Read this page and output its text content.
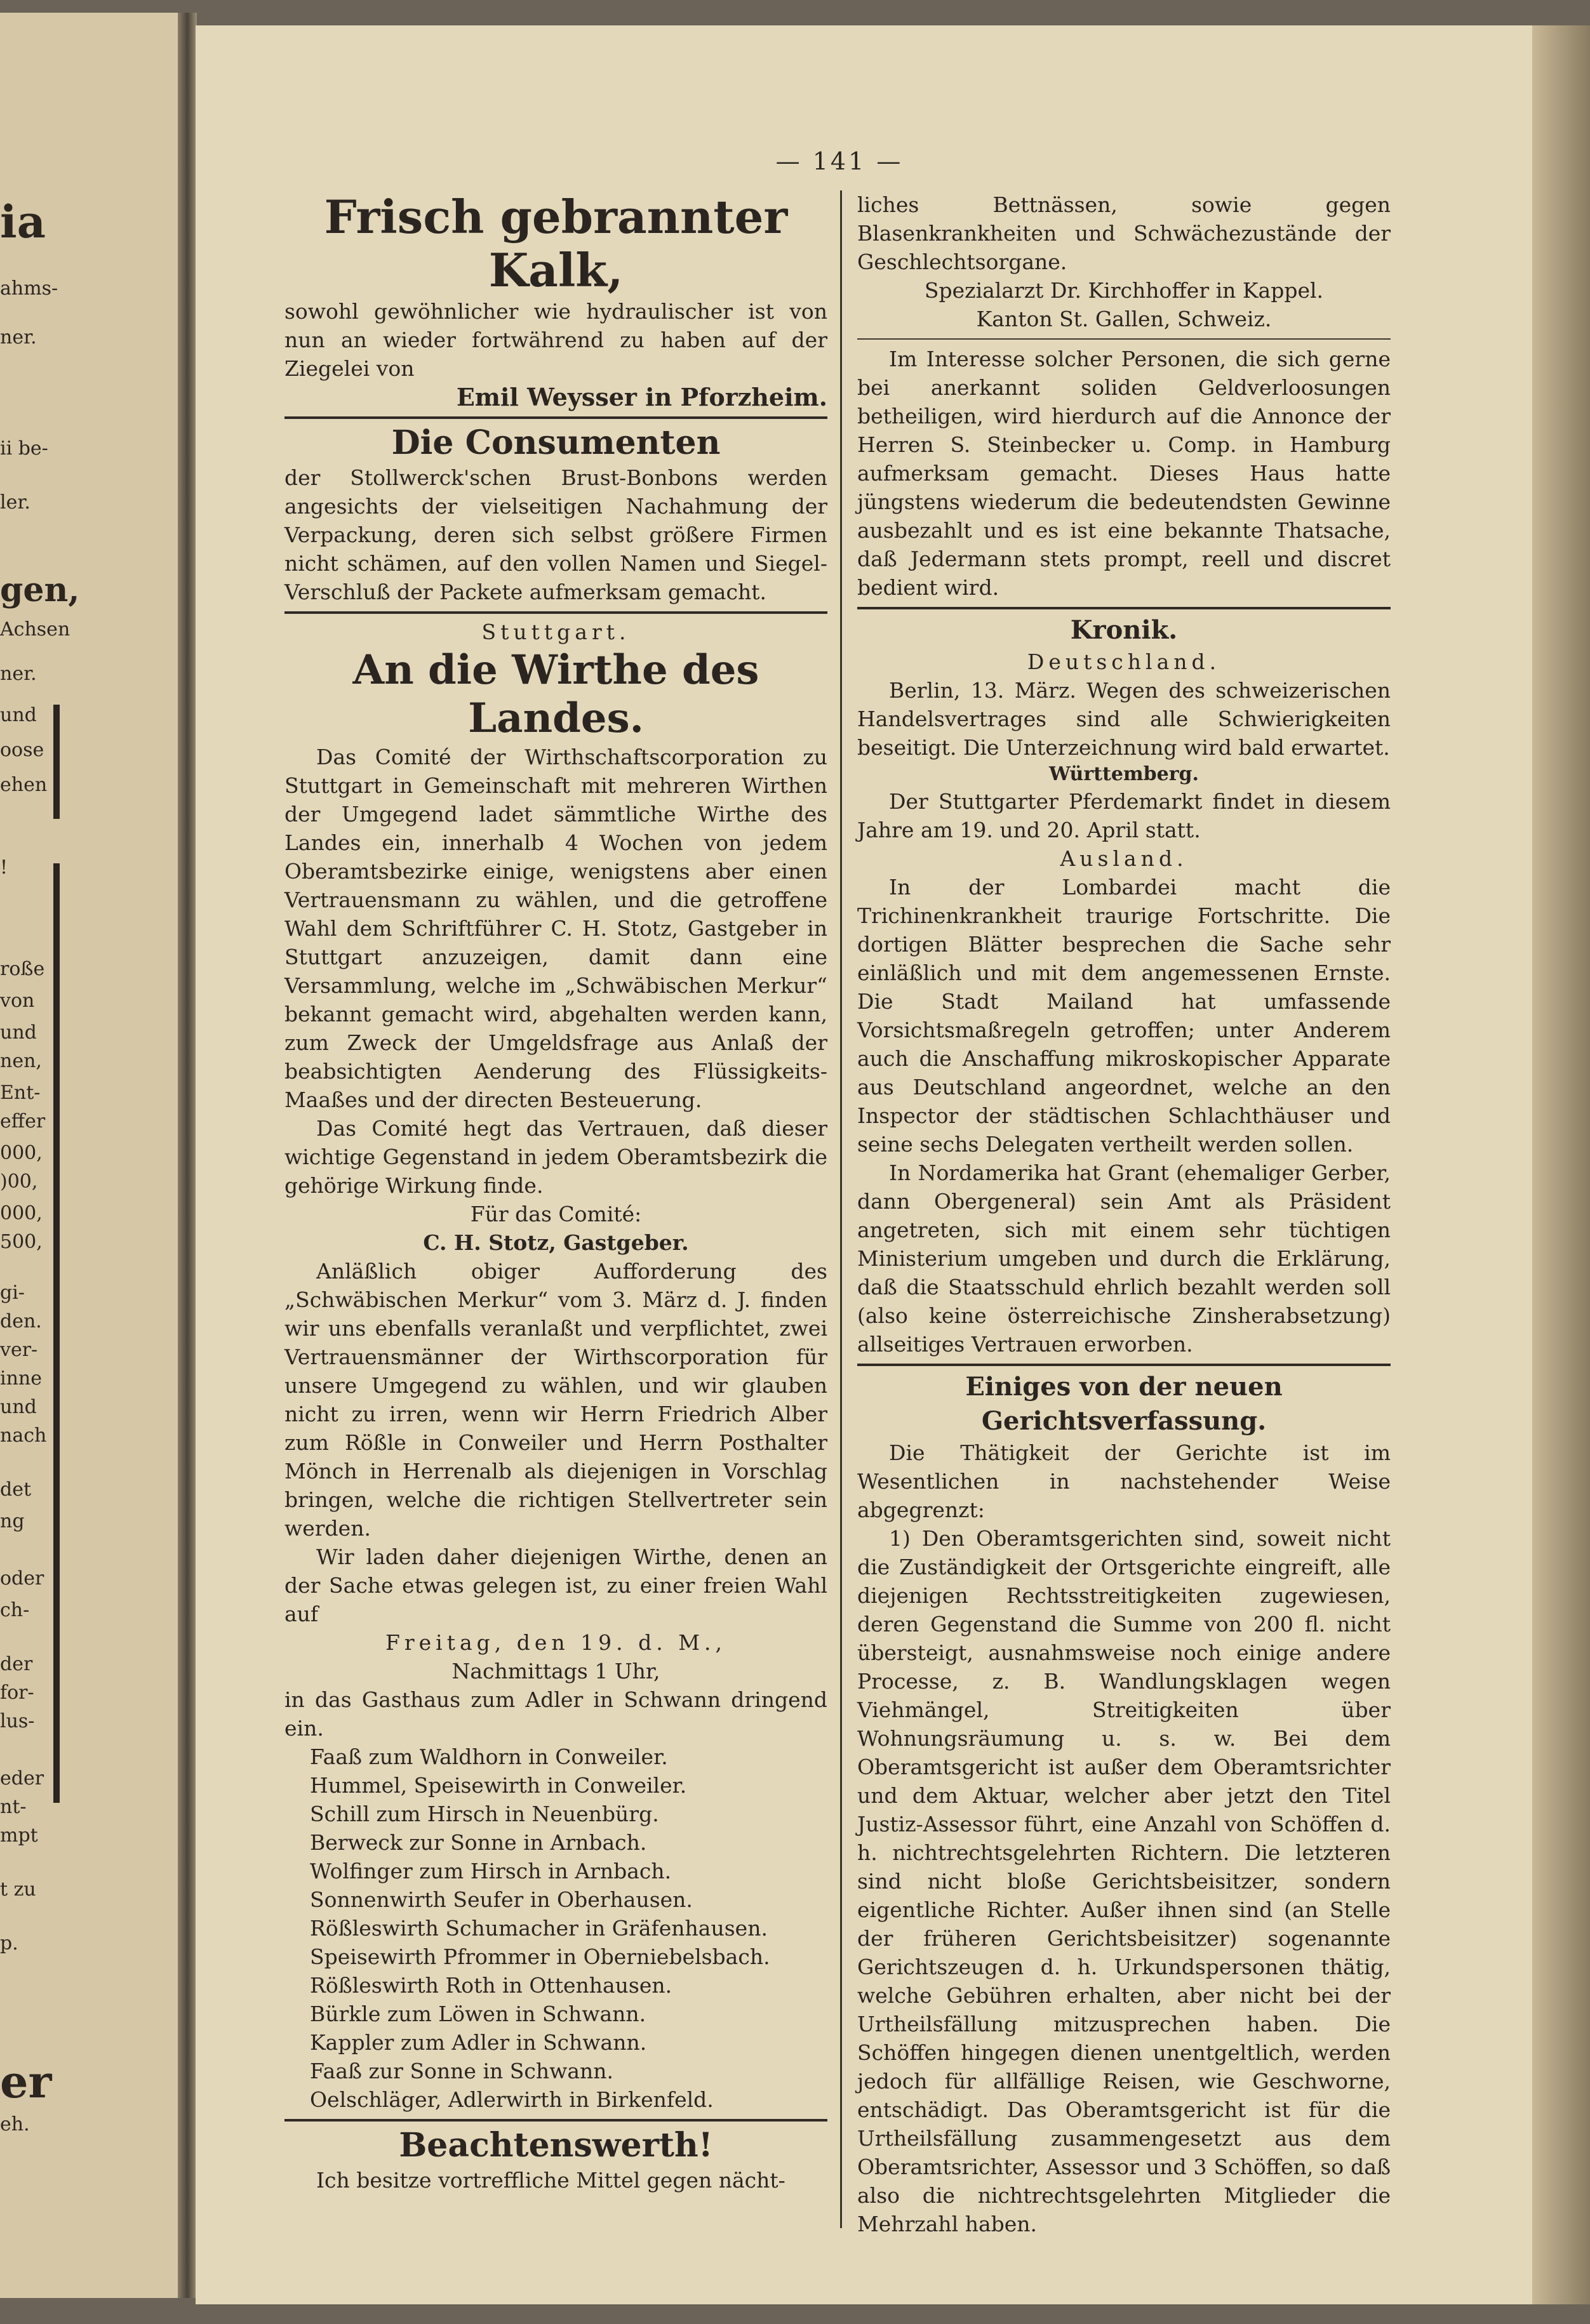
ia
ahms-
ner.
ii be-
ler.
gen,
Achsen
ner.
und
oose
ehen
!
roße
von
und
nen,
Ent-
effer
000,
)00,
000,
500,
gi-
den.
ver-
inne
und
nach
det
ng
oder
ch-
der
for-
lus-
eder
nt-
mpt
t zu
p.
er
eh.
— 141 —

Frisch gebrannter Kalk,

sowohl gewöhnlicher wie hydraulischer ist von nun an wieder fortwährend zu haben auf der Ziegelei von

Emil Weysser in Pforzheim.

Die Consumenten

der Stollwerck'schen Brust-Bonbons werden angesichts der vielseitigen Nachahmung der Verpackung, deren sich selbst größere Firmen nicht schämen, auf den vollen Namen und Siegel-Verschluß der Packete aufmerksam gemacht.

Stuttgart.

An die Wirthe des Landes.

Das Comité der Wirthschaftscorporation zu Stuttgart in Gemeinschaft mit mehreren Wirthen der Umgegend ladet sämmtliche Wirthe des Landes ein, innerhalb 4 Wochen von jedem Oberamtsbezirke einige, wenigstens aber einen Vertrauensmann zu wählen, und die getroffene Wahl dem Schriftführer C. H. Stotz, Gastgeber in Stuttgart anzuzeigen, damit dann eine Versammlung, welche im „Schwäbischen Merkur“ bekannt gemacht wird, abgehalten werden kann, zum Zweck der Umgeldsfrage aus Anlaß der beabsichtigten Aenderung des Flüssigkeits-Maaßes und der directen Besteuerung.

Das Comité hegt das Vertrauen, daß dieser wichtige Gegenstand in jedem Oberamtsbezirk die gehörige Wirkung finde.

Für das Comité:

C. H. Stotz, Gastgeber.

Anläßlich obiger Aufforderung des „Schwäbischen Merkur“ vom 3. März d. J. finden wir uns ebenfalls veranlaßt und verpflichtet, zwei Vertrauensmänner der Wirthscorporation für unsere Umgegend zu wählen, und wir glauben nicht zu irren, wenn wir Herrn Friedrich Alber zum Rößle in Conweiler und Herrn Posthalter Mönch in Herrenalb als diejenigen in Vorschlag bringen, welche die richtigen Stellvertreter sein werden.

Wir laden daher diejenigen Wirthe, denen an der Sache etwas gelegen ist, zu einer freien Wahl auf

Freitag, den 19. d. M.,

Nachmittags 1 Uhr,

in das Gasthaus zum Adler in Schwann dringend ein.

Faaß zum Waldhorn in Conweiler.

Hummel, Speisewirth in Conweiler.

Schill zum Hirsch in Neuenbürg.

Berweck zur Sonne in Arnbach.

Wolfinger zum Hirsch in Arnbach.

Sonnenwirth Seufer in Oberhausen.

Rößleswirth Schumacher in Gräfenhausen.

Speisewirth Pfrommer in Oberniebelsbach.

Rößleswirth Roth in Ottenhausen.

Bürkle zum Löwen in Schwann.

Kappler zum Adler in Schwann.

Faaß zur Sonne in Schwann.

Oelschläger, Adlerwirth in Birkenfeld.

Beachtenswerth!

Ich besitze vortreffliche Mittel gegen nächt-

liches Bettnässen, sowie gegen Blasenkrankheiten und Schwächezustände der Geschlechtsorgane.

Spezialarzt Dr. Kirchhoffer in Kappel.

Kanton St. Gallen, Schweiz.

Im Interesse solcher Personen, die sich gerne bei anerkannt soliden Geldverloosungen betheiligen, wird hierdurch auf die Annonce der Herren S. Steinbecker u. Comp. in Hamburg aufmerksam gemacht. Dieses Haus hatte jüngstens wiederum die bedeutendsten Gewinne ausbezahlt und es ist eine bekannte Thatsache, daß Jedermann stets prompt, reell und discret bedient wird.

Kronik.

Deutschland.

Berlin, 13. März. Wegen des schweizerischen Handelsvertrages sind alle Schwierigkeiten beseitigt. Die Unterzeichnung wird bald erwartet.

Württemberg.

Der Stuttgarter Pferdemarkt findet in diesem Jahre am 19. und 20. April statt.

Ausland.

In der Lombardei macht die Trichinenkrankheit traurige Fortschritte. Die dortigen Blätter besprechen die Sache sehr einläßlich und mit dem angemessenen Ernste. Die Stadt Mailand hat umfassende Vorsichtsmaßregeln getroffen; unter Anderem auch die Anschaffung mikroskopischer Apparate aus Deutschland angeordnet, welche an den Inspector der städtischen Schlachthäuser und seine sechs Delegaten vertheilt werden sollen.

In Nordamerika hat Grant (ehemaliger Gerber, dann Obergeneral) sein Amt als Präsident angetreten, sich mit einem sehr tüchtigen Ministerium umgeben und durch die Erklärung, daß die Staatsschuld ehrlich bezahlt werden soll (also keine österreichische Zinsherabsetzung) allseitiges Vertrauen erworben.

Einiges von der neuen Gerichtsverfassung.

Die Thätigkeit der Gerichte ist im Wesentlichen in nachstehender Weise abgegrenzt:

1) Den Oberamtsgerichten sind, soweit nicht die Zuständigkeit der Ortsgerichte eingreift, alle diejenigen Rechtsstreitigkeiten zugewiesen, deren Gegenstand die Summe von 200 fl. nicht übersteigt, ausnahmsweise noch einige andere Processe, z. B. Wandlungsklagen wegen Viehmängel, Streitigkeiten über Wohnungsräumung u. s. w. Bei dem Oberamtsgericht ist außer dem Oberamtsrichter und dem Aktuar, welcher aber jetzt den Titel Justiz-Assessor führt, eine Anzahl von Schöffen d. h. nichtrechtsgelehrten Richtern. Die letzteren sind nicht bloße Gerichtsbeisitzer, sondern eigentliche Richter. Außer ihnen sind (an Stelle der früheren Gerichtsbeisitzer) sogenannte Gerichtszeugen d. h. Urkundspersonen thätig, welche Gebühren erhalten, aber nicht bei der Urtheilsfällung mitzusprechen haben. Die Schöffen hingegen dienen unentgeltlich, werden jedoch für allfällige Reisen, wie Geschworne, entschädigt. Das Oberamtsgericht ist für die Urtheilsfällung zusammengesetzt aus dem Oberamtsrichter, Assessor und 3 Schöffen, so daß also die nichtrechtsgelehrten Mitglieder die Mehrzahl haben.
